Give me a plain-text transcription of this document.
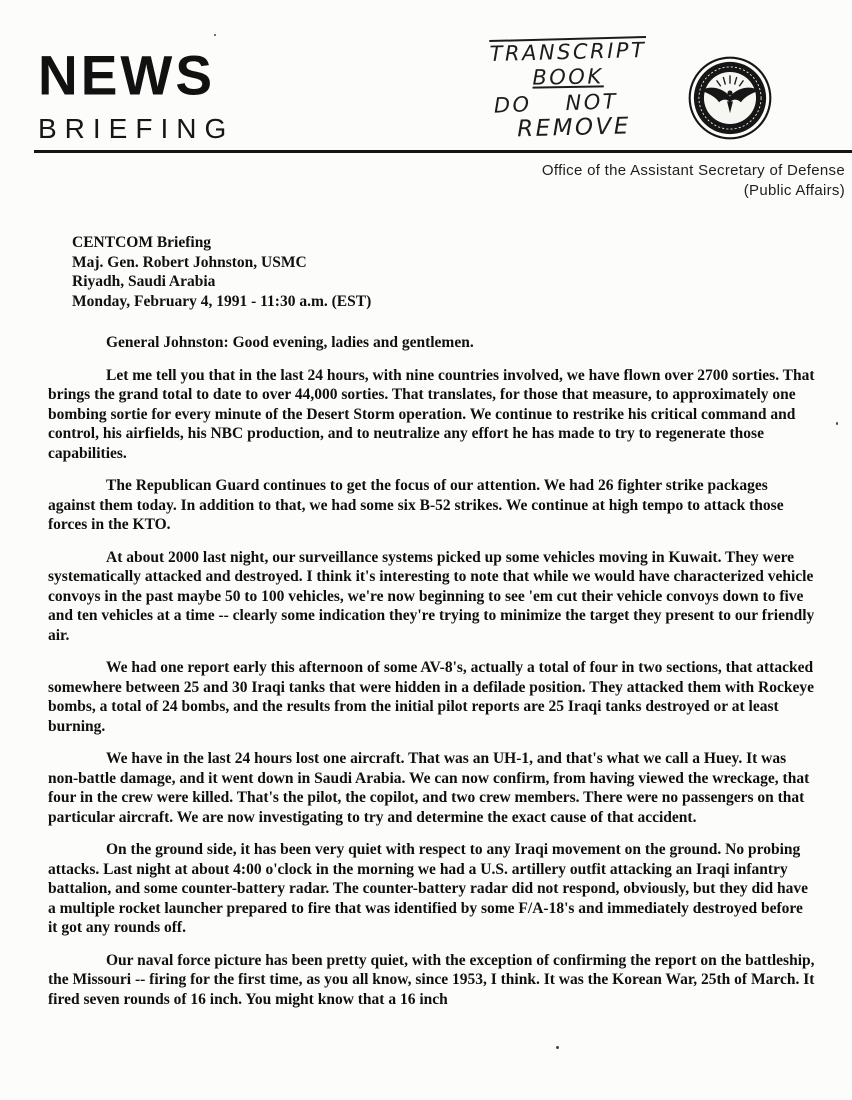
NEWS
BRIEFING
TRANSCRIPT
BOOK
DO NOT
REMOVE
Office of the Assistant Secretary of Defense
(Public Affairs)
CENTCOM Briefing
Maj. Gen. Robert Johnston, USMC
Riyadh, Saudi Arabia
Monday, February 4, 1991 - 11:30 a.m. (EST)

General Johnston: Good evening, ladies and gentlemen.

Let me tell you that in the last 24 hours, with nine countries involved, we have flown over 2700 sorties. That brings the grand total to date to over 44,000 sorties. That translates, for those that measure, to approximately one bombing sortie for every minute of the Desert Storm operation. We continue to restrike his critical command and control, his airfields, his NBC production, and to neutralize any effort he has made to try to regenerate those capabilities.

The Republican Guard continues to get the focus of our attention. We had 26 fighter strike packages against them today. In addition to that, we had some six B-52 strikes. We continue at high tempo to attack those forces in the KTO.

At about 2000 last night, our surveillance systems picked up some vehicles moving in Kuwait. They were systematically attacked and destroyed. I think it's interesting to note that while we would have characterized vehicle convoys in the past maybe 50 to 100 vehicles, we're now beginning to see 'em cut their vehicle convoys down to five and ten vehicles at a time -- clearly some indication they're trying to minimize the target they present to our friendly air.

We had one report early this afternoon of some AV-8's, actually a total of four in two sections, that attacked somewhere between 25 and 30 Iraqi tanks that were hidden in a defilade position. They attacked them with Rockeye bombs, a total of 24 bombs, and the results from the initial pilot reports are 25 Iraqi tanks destroyed or at least burning.

We have in the last 24 hours lost one aircraft. That was an UH-1, and that's what we call a Huey. It was non-battle damage, and it went down in Saudi Arabia. We can now confirm, from having viewed the wreckage, that four in the crew were killed. That's the pilot, the copilot, and two crew members. There were no passengers on that particular aircraft. We are now investigating to try and determine the exact cause of that accident.

On the ground side, it has been very quiet with respect to any Iraqi movement on the ground. No probing attacks. Last night at about 4:00 o'clock in the morning we had a U.S. artillery outfit attacking an Iraqi infantry battalion, and some counter-battery radar. The counter-battery radar did not respond, obviously, but they did have a multiple rocket launcher prepared to fire that was identified by some F/A-18's and immediately destroyed before it got any rounds off.

Our naval force picture has been pretty quiet, with the exception of confirming the report on the battleship, the Missouri -- firing for the first time, as you all know, since 1953, I think. It was the Korean War, 25th of March. It fired seven rounds of 16 inch. You might know that a 16 inch
